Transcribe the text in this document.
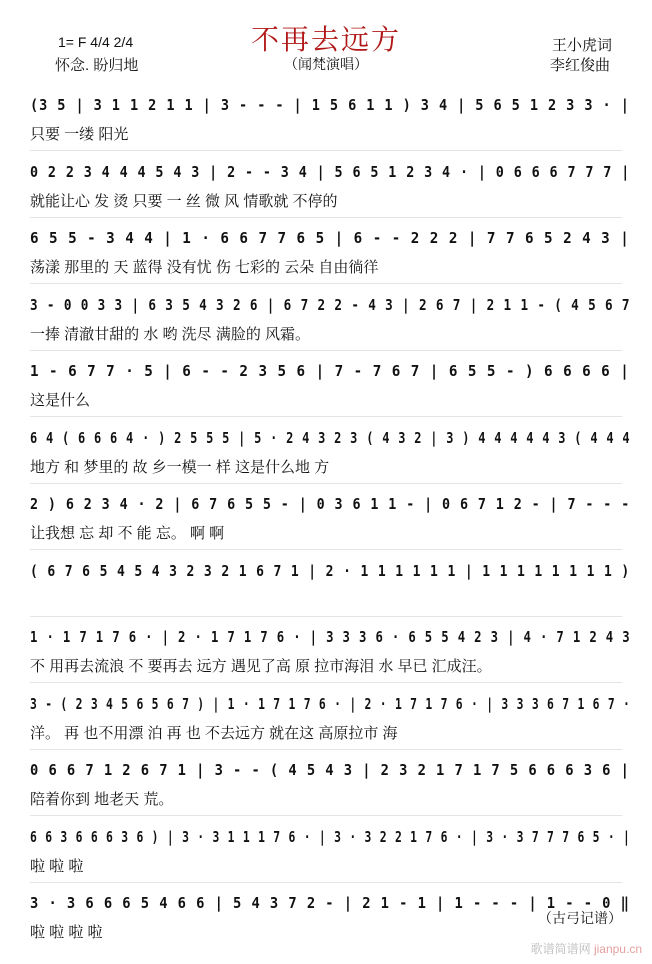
不再去远方
（闻梵演唱）
1= F 4/4 2/4
怀念. 盼归地
王小虎词
李红俊曲
(3 5 | 3 1 1 2 1 1 | 3 - - - | 1 5 6 1 1 ) 3 4 | 5 6 5 1 2 3 3 · |
只要 一缕 阳光
0 2 2 3 4 4 4 5 4 3 | 2 - - 3 4 | 5 6 5 1 2 3 4 · | 0 6 6 6 7 7 7 |
就能让心 发 烫 只要 一 丝 微 风 情歌就 不停的
6 5 5 - 3 4 4 | 1 · 6 6 7 7 6 5 | 6 - - 2 2 2 | 7 7 6 5 2 4 3 |
荡漾 那里的 天 蓝得 没有忧 伤 七彩的 云朵 自由徜徉
3 - 0 0 3 3 | 6 3 5 4 3 2 6 | 6 7 2 2 - 4 3 | 2 6 7 | 2 1 1 - ( 4 5 6 7
一捧 清澈甘甜的 水 哟 洗尽 满脸的 风霜。
1 - 6 7 7 · 5 | 6 - - 2 3 5 6 | 7 - 7 6 7 | 6 5 5 - ) 6 6 6 6 |
这是什么
6 4 ( 6 6 6 4 · ) 2 5 5 5 | 5 · 2 4 3 2 3 ( 4 3 2 | 3 ) 4 4 4 4 4 3 ( 4 4 4
地方 和 梦里的 故 乡一模一 样 这是什么地 方
2 ) 6 2 3 4 · 2 | 6 7 6 5 5 - | 0 3 6 1 1 - | 0 6 7 1 2 - | 7 - - -
让我想 忘 却 不 能 忘。 啊 啊
( 6 7 6 5 4 5 4 3 2 3 2 1 6 7 1 | 2 · 1 1 1 1 1 1 | 1 1 1 1 1 1 1 1 )
1 · 1 7 1 7 6 · | 2 · 1 7 1 7 6 · | 3 3 3 6 · 6 5 5 4 2 3 | 4 · 7 1 2 4 3
不 用再去流浪 不 要再去 远方 遇见了高 原 拉市海泪 水 早已 汇成汪。
3 - ( 2 3 4 5 6 5 6 7 ) | 1 · 1 7 1 7 6 · | 2 · 1 7 1 7 6 · | 3 3 3 6 7 1 6 7 ·
洋。 再 也不用漂 泊 再 也 不去远方 就在这 高原拉市 海
0 6 6 7 1 2 6 7 1 | 3 - - ( 4 5 4 3 | 2 3 2 1 7 1 7 5 6 6 6 3 6 |
陪着你到 地老天 荒。
6 6 3 6 6 6 3 6 ) | 3 · 3 1 1 1 7 6 · | 3 · 3 2 2 1 7 6 · | 3 · 3 7 7 7 6 5 · |
啦 啦 啦
3 · 3 6 6 6 5 4 6 6 | 5 4 3 7 2 - | 2 1 - 1 | 1 - - - | 1 - - 0 ‖
啦 啦 啦 啦
（古弓记谱）
歌谱简谱网 jianpu.cn
